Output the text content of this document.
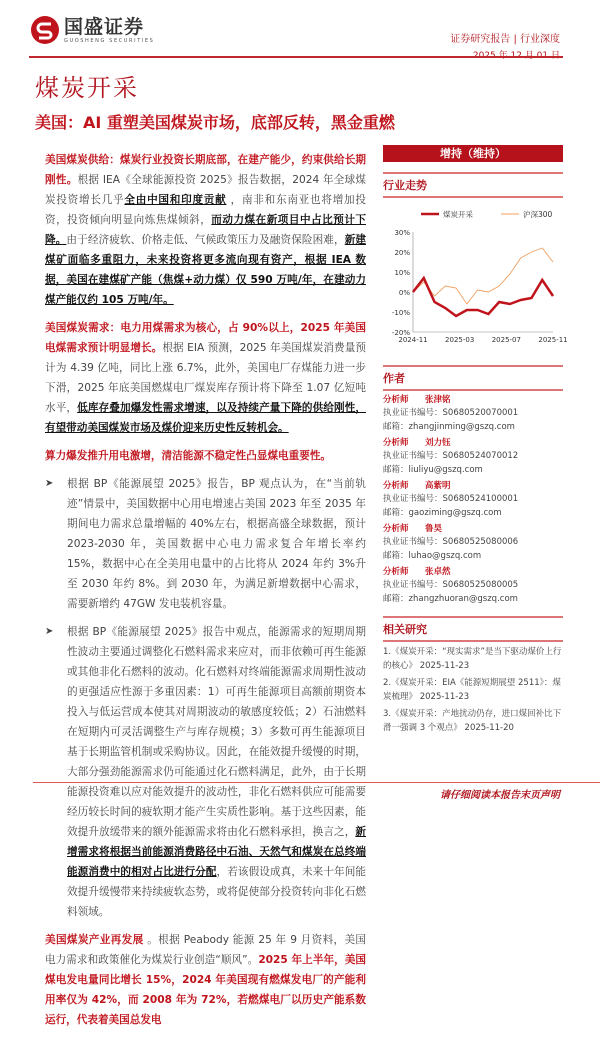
国盛证券
GUOSHENG SECURITIES	证券研究报告 | 行业深度
煤炭开采
美国：AI 重塑美国煤炭市场，底部反转，黑金重燃

美国煤炭供给：煤炭行业投资长期底部，在建产能少，约束供给长期刚性。根据 IEA《全球能源投资 2025》报告数据，2024 年全球煤炭投资增长几乎全由中国和印度贡献 ，南非和东南亚也将增加投资，投资倾向明显向炼焦煤倾斜，而动力煤在新项目中占比预计下降。由于经济疲软、价格走低、气候政策压力及融资保险困难，新建煤矿面临多重阻力，未来投资将更多流向现有资产，根据 IEA 数据，美国在建煤矿产能（焦煤+动力煤）仅 590 万吨/年，在建动力煤产能仅约 105 万吨/年。

美国煤炭需求：电力用煤需求为核心，占 90%以上，2025 年美国电煤需求预计明显增长。根据 EIA 预测，2025 年美国煤炭消费量预计为 4.39 亿吨，同比上涨 6.7%，此外，美国电厂存煤能力进一步下滑，2025 年底美国燃煤电厂煤炭库存预计将下降至 1.07 亿短吨水平，低库存叠加爆发性需求增速，以及持续产量下降的供给刚性，有望带动美国煤炭市场及煤价迎来历史性反转机会。

算力爆发推升用电激增，清洁能源不稳定性凸显煤电重要性。

➤	根据 BP《能源展望 2025》报告，BP 观点认为，在“当前轨迹”情景中，美国数据中心用电增速占美国 2023 年至 2035 年期间电力需求总量增幅的 40%左右，根据高盛全球数据，预计 2023-2030 年，美国数据中心电力需求复合年增长率约 15%，数据中心在全美用电量中的占比将从 2024 年约 3%升至 2030 年约 8%。到 2030 年，为满足新增数据中心需求，需要新增约 47GW 发电装机容量。
➤	根据 BP《能源展望 2025》报告中观点，能源需求的短期周期性波动主要通过调整化石燃料需求来应对，而非依赖可再生能源或其他非化石燃料的波动。化石燃料对终端能源需求周期性波动的更强适应性源于多重因素：1）可再生能源项目高额前期资本投入与低运营成本使其对周期波动的敏感度较低；2）石油燃料在短期内可灵活调整生产与库存规模；3）多数可再生能源项目基于长期监管机制或采购协议。因此，在能效提升缓慢的时期，大部分强劲能源需求仍可能通过化石燃料满足，此外，由于长期能源投资难以应对能效提升的波动性，非化石燃料供应可能需要经历较长时间的疲软期才能产生实质性影响。基于这些因素，能效提升放缓带来的额外能源需求将由化石燃料承担，换言之，新增需求将根据当前能源消费路径中石油、天然气和煤炭在总终端能源消费中的相对占比进行分配，若该假设成真，未来十年间能效提升缓慢带来持续疲软态势，或将促使部分投资转向非化石燃料领域。

美国煤炭产业再发展 。根据 Peabody 能源 25 年 9 月资料，美国电力需求和政策催化为煤炭行业创造“顺风”。2025 年上半年，美国煤电发电量同比增长 15%，2024 年美国现有燃煤发电厂的产能利用率仅为 42%，而 2008 年为 72%，若燃煤电厂以历史产能系数运行，代表着美国总发电

增持（维持）
行业走势
30%
20%
10%
0%
-10%
-20%
2024-11 2025-03 2025-07 2025-11
煤炭开采	沪深300
作者
分析师	张津铭
执业证书编号：S0680520070001
邮箱：zhangjinming@gszq.com
分析师	刘力钰
执业证书编号：S0680524070012
邮箱：liuliyu@gszq.com
分析师	高紫明
执业证书编号：S0680524100001
邮箱：gaoziming@gszq.com
分析师	鲁昊
执业证书编号：S0680525080006
邮箱：luhao@gszq.com
分析师	张卓然
执业证书编号：S0680525080005
邮箱：zhangzhuoran@gszq.com
相关研究
1.《煤炭开采：“现实需求”是当下驱动煤价上行的核心》 2025-11-23
2.《煤炭开采：EIA《能源短期展望 2511》：煤炭梳理》 2025-11-23
3.《煤炭开采：产地扰动仍存，进口煤回补比下滑一强调 3 个观点》 2025-11-20
请仔细阅读本报告末页声明
